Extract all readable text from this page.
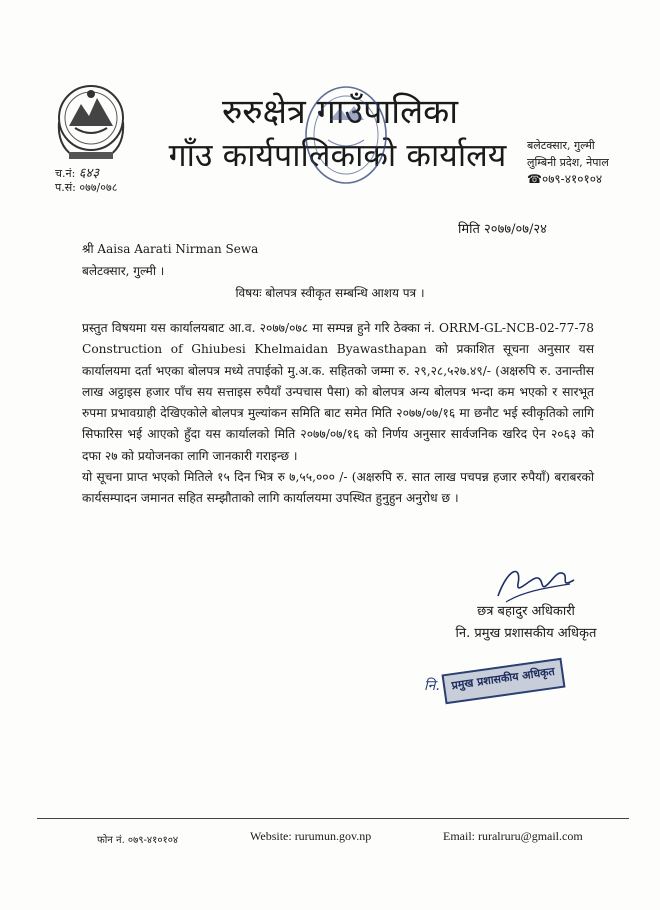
च.नं: ६४३
प.सं: ०७७/०७८
रुरुक्षेत्र गाउँपालिका
गाँउ कार्यपालिकाको कार्यालय	बलेटक्सार, गुल्मी
लुम्बिनी प्रदेश, नेपाल
☎०७९-४१०१०४
मिति २०७७/०७/२४
श्री Aaisa Aarati Nirman Sewa
बलेटक्सार, गुल्मी ।
विषयः बोलपत्र स्वीकृत सम्बन्धि आशय पत्र ।

प्रस्तुत विषयमा यस कार्यालयबाट आ.व. २०७७/०७८ मा सम्पन्न हुने गरि ठेक्का नं. ORRM-GL-NCB-02-77-78 Construction of Ghiubesi Khelmaidan Byawasthapan को प्रकाशित सूचना अनुसार यस कार्यालयमा दर्ता भएका बोलपत्र मध्ये तपाईको मु.अ.क. सहितको जम्मा रु. २९,२८,५२७.४९/- (अक्षरुपि रु. उनान्तीस लाख अट्ठाइस हजार पाँच सय सत्ताइस रुपैयाँ उन्पचास पैसा) को बोलपत्र अन्य बोलपत्र भन्दा कम भएको र सारभूत रुपमा प्रभावग्राही देखिएकोले बोलपत्र मुल्यांकन समिति बाट समेत मिति २०७७/०७/१६ मा छनौट भई स्वीकृतिको लागि सिफारिस भई आएको हुँदा यस कार्यालको मिति २०७७/०७/१६ को निर्णय अनुसार सार्वजनिक खरिद ऐन २०६३ को दफा २७ को प्रयोजनका लागि जानकारी गराइन्छ ।

यो सूचना प्राप्त भएको मितिले १५ दिन भित्र रु ७,५५,००० /- (अक्षरुपि रु. सात लाख पचपन्न हजार रुपैयाँ) बराबरको कार्यसम्पादन जमानत सहित सम्झौताको लागि कार्यालयमा उपस्थित हुनुहुन अनुरोध छ ।

छत्र बहादुर अधिकारी
नि. प्रमुख प्रशासकीय अधिकृत
नि. प्रमुख प्रशासकीय अधिकृत
फोन नं. ०७९-४१०१०४	Website: rurumun.gov.np	Email: ruralruru@gmail.com
